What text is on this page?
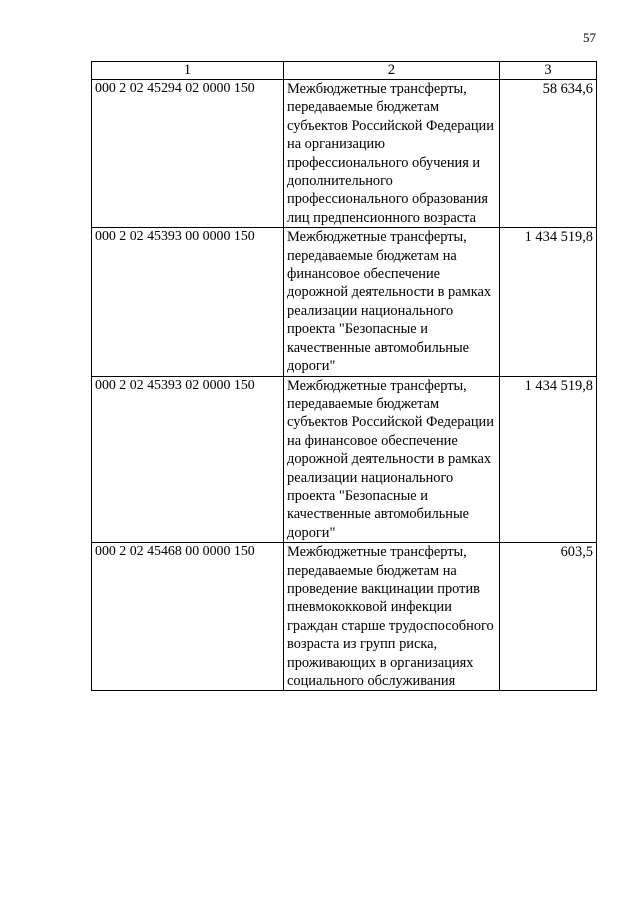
57
1	2	3
000 2 02 45294 02 0000 150	Межбюджетные трансферты, передаваемые бюджетам субъектов Российской Федерации на организацию профессионального обучения и дополнительного профессионального образования лиц предпенсионного возраста	58 634,6
000 2 02 45393 00 0000 150	Межбюджетные трансферты, передаваемые бюджетам на финансовое обеспечение дорожной деятельности в рамках реализации национального проекта "Безопасные и качественные автомобильные дороги"	1 434 519,8
000 2 02 45393 02 0000 150	Межбюджетные трансферты, передаваемые бюджетам субъектов Российской Федерации на финансовое обеспечение дорожной деятельности в рамках реализации национального проекта "Безопасные и качественные автомобильные дороги"	1 434 519,8
000 2 02 45468 00 0000 150	Межбюджетные трансферты, передаваемые бюджетам на проведение вакцинации против пневмококковой инфекции граждан старше трудоспособного возраста из групп риска, проживающих в организациях социального обслуживания	603,5
